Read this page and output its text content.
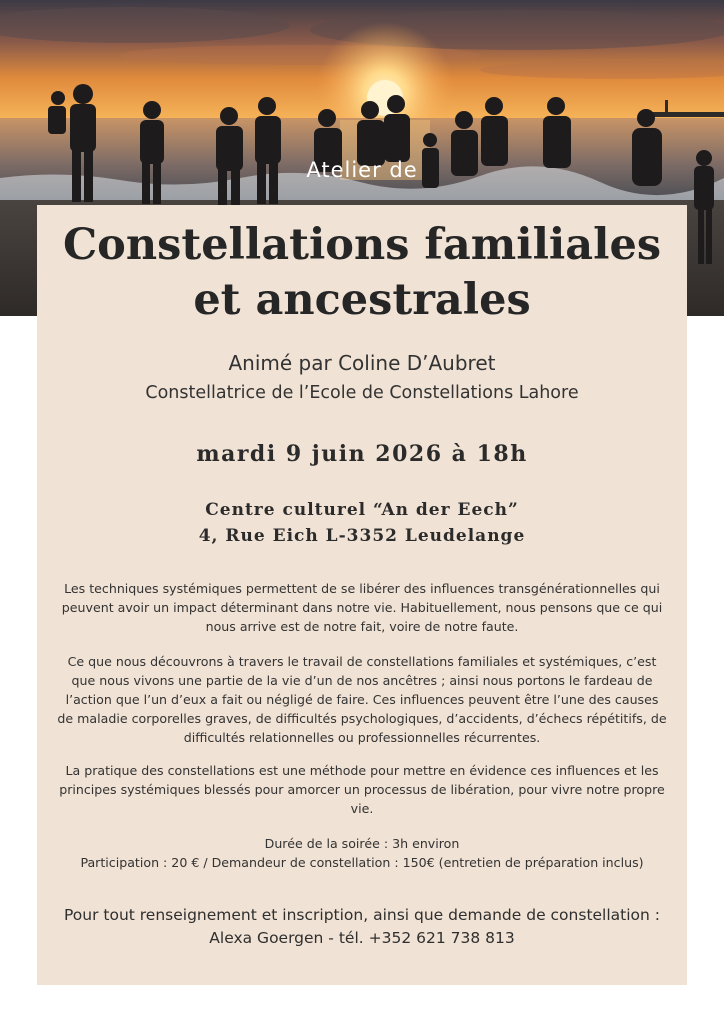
Atelier de
Constellations familiales
et ancestrales
Animé par Coline D’Aubret
Constellatrice de l’Ecole de Constellations Lahore
mardi 9 juin 2026 à 18h
Centre culturel “An der Eech”
4, Rue Eich L-3352 Leudelange
Les techniques systémiques permettent de se libérer des influences transgénérationnelles qui peuvent avoir un impact déterminant dans notre vie. Habituellement, nous pensons que ce qui nous arrive est de notre fait, voire de notre faute.
Ce que nous découvrons à travers le travail de constellations familiales et systémiques, c’est que nous vivons une partie de la vie d’un de nos ancêtres ; ainsi nous portons le fardeau de l’action que l’un d’eux a fait ou négligé de faire. Ces influences peuvent être l’une des causes de maladie corporelles graves, de difficultés psychologiques, d’accidents, d’échecs répétitifs, de difficultés relationnelles ou professionnelles récurrentes.
La pratique des constellations est une méthode pour mettre en évidence ces influences et les principes systémiques blessés pour amorcer un processus de libération, pour vivre notre propre vie.
Durée de la soirée : 3h environ
Participation : 20 € / Demandeur de constellation : 150€ (entretien de préparation inclus)
Pour tout renseignement et inscription, ainsi que demande de constellation :
Alexa Goergen - tél. +352 621 738 813
